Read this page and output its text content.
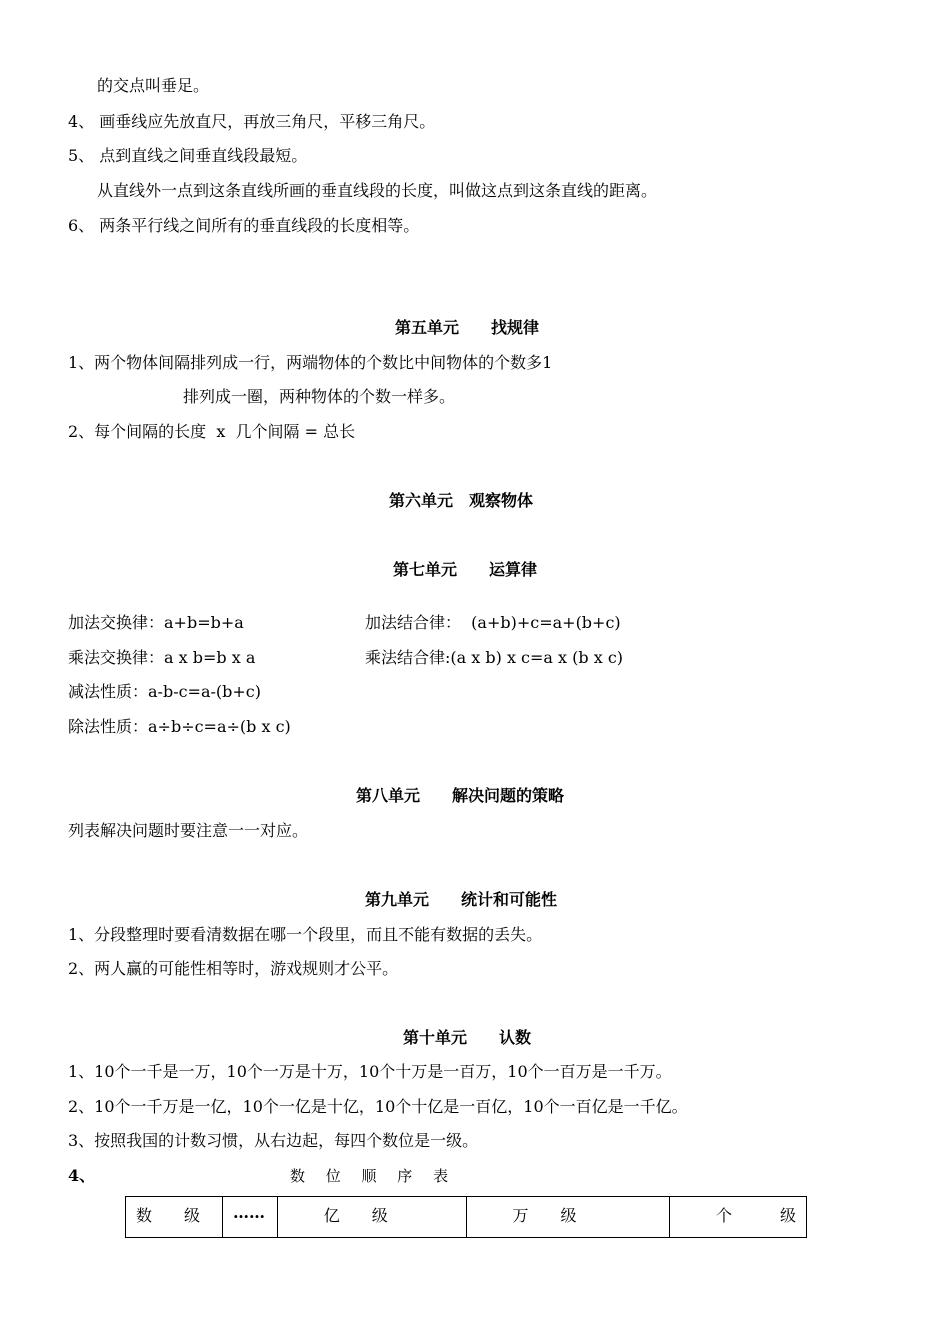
的交点叫垂足。
4、 画垂线应先放直尺，再放三角尺，平移三角尺。
5、 点到直线之间垂直线段最短。
从直线外一点到这条直线所画的垂直线段的长度，叫做这点到这条直线的距离。
6、 两条平行线之间所有的垂直线段的长度相等。
第五单元　　找规律
1、两个物体间隔排列成一行，两端物体的个数比中间物体的个数多1
排列成一圈，两种物体的个数一样多。
2、每个间隔的长度  x  几个间隔 = 总长
第六单元　观察物体
第七单元　　运算律
加法交换律：a+b=b+a	加法结合律：  (a+b)+c=a+(b+c)
乘法交换律：a x b=b x a	乘法结合律:(a x b) x c=a x (b x c)
减法性质：a-b-c=a-(b+c)
除法性质：a÷b÷c=a÷(b x c)
第八单元　　解决问题的策略
列表解决问题时要注意一一对应。
第九单元　　统计和可能性
1、分段整理时要看清数据在哪一个段里，而且不能有数据的丢失。
2、两人赢的可能性相等时，游戏规则才公平。
第十单元　　认数
1、10个一千是一万，10个一万是十万，10个十万是一百万，10个一百万是一千万。
2、10个一千万是一亿，10个一亿是十亿，10个十亿是一百亿，10个一百亿是一千亿。
3、按照我国的计数习惯，从右边起，每四个数位是一级。
4、	数 位 顺 序 表
数　　级	……	亿　　级	万　　级	个　　　级
